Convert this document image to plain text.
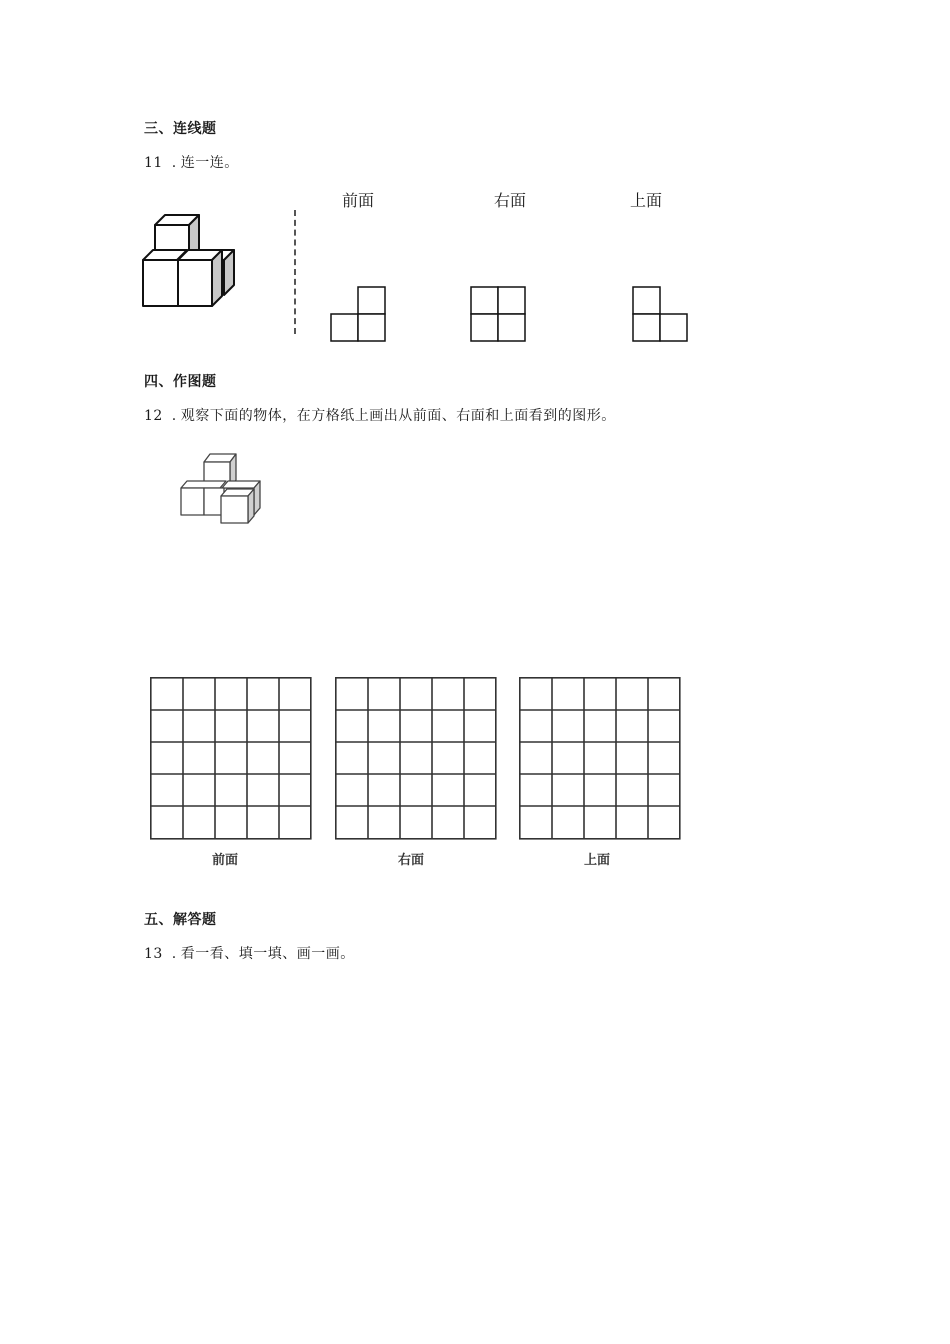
三、连线题
11 . 连一连。
前面	右面	上面
四、作图题
12 . 观察下面的物体，在方格纸上画出从前面、右面和上面看到的图形。
前面	右面	上面
五、解答题
13 . 看一看、填一填、画一画。
